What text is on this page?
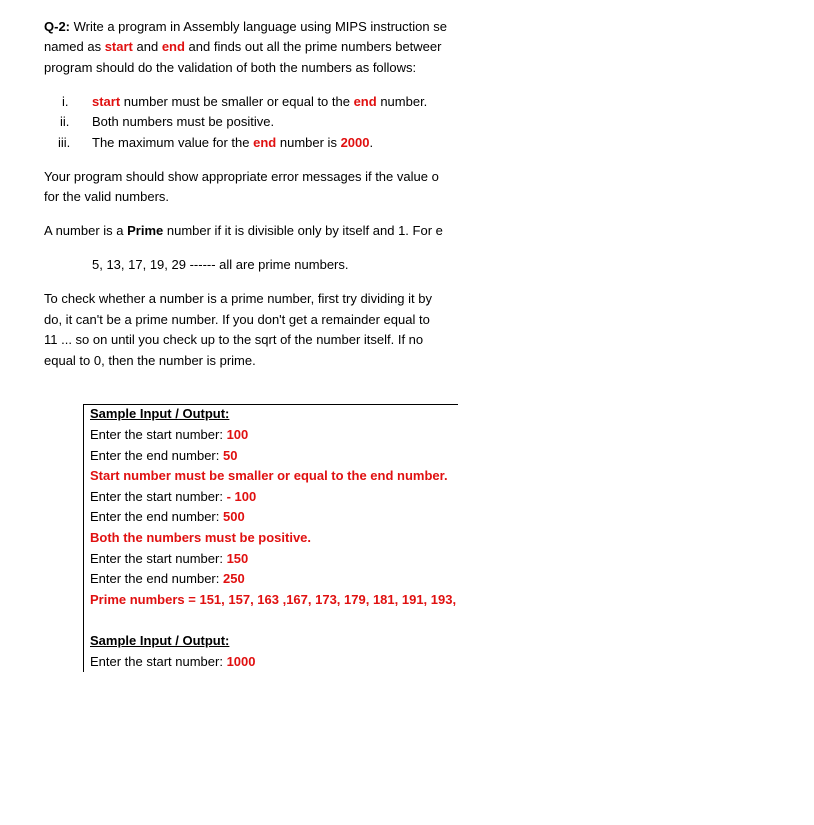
Q-2: Write a program in Assembly language using MIPS instruction se
named as start and end and finds out all the prime numbers betweer
program should do the validation of both the numbers as follows:
i. start number must be smaller or equal to the end number.
ii. Both numbers must be positive.
iii. The maximum value for the end number is 2000.
Your program should show appropriate error messages if the value o
for the valid numbers.
A number is a Prime number if it is divisible only by itself and 1. For e
5, 13, 17, 19, 29 ------ all are prime numbers.
To check whether a number is a prime number, first try dividing it by
do, it can't be a prime number. If you don't get a remainder equal to
11 ... so on until you check up to the sqrt of the number itself. If no
equal to 0, then the number is prime.
Sample Input / Output:
Enter the start number: 100
Enter the end number: 50
Start number must be smaller or equal to the end number.
Enter the start number: - 100
Enter the end number: 500
Both the numbers must be positive.
Enter the start number: 150
Enter the end number: 250
Prime numbers = 151, 157, 163 ,167, 173, 179, 181, 191, 193,
Sample Input / Output:
Enter the start number: 1000
